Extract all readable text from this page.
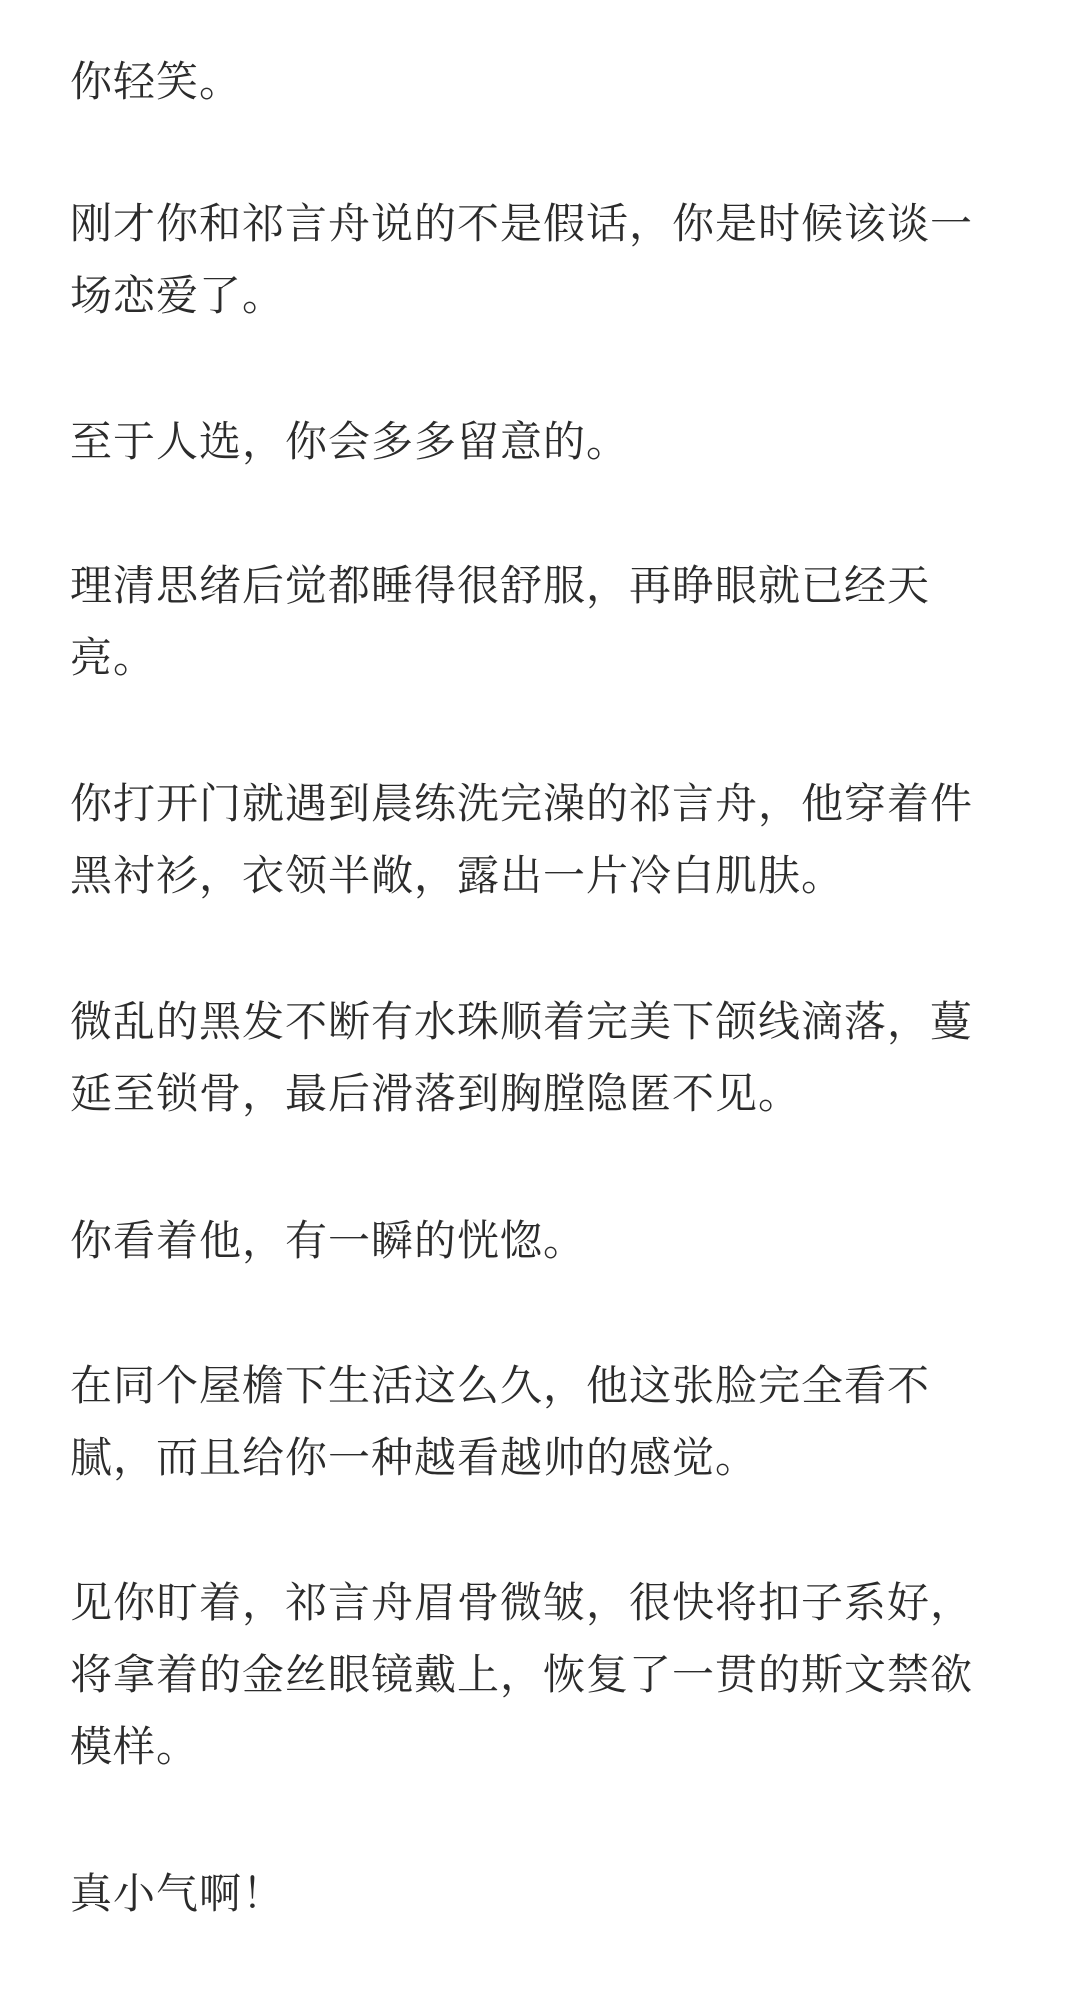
你轻笑。

刚才你和祁言舟说的不是假话，你是时候该谈一场恋爱了。

至于人选，你会多多留意的。

理清思绪后觉都睡得很舒服，再睁眼就已经天亮。

你打开门就遇到晨练洗完澡的祁言舟，他穿着件黑衬衫，衣领半敞，露出一片冷白肌肤。

微乱的黑发不断有水珠顺着完美下颌线滴落，蔓延至锁骨，最后滑落到胸膛隐匿不见。

你看着他，有一瞬的恍惚。

在同个屋檐下生活这么久，他这张脸完全看不腻，而且给你一种越看越帅的感觉。

见你盯着，祁言舟眉骨微皱，很快将扣子系好，将拿着的金丝眼镜戴上，恢复了一贯的斯文禁欲模样。

真小气啊！
